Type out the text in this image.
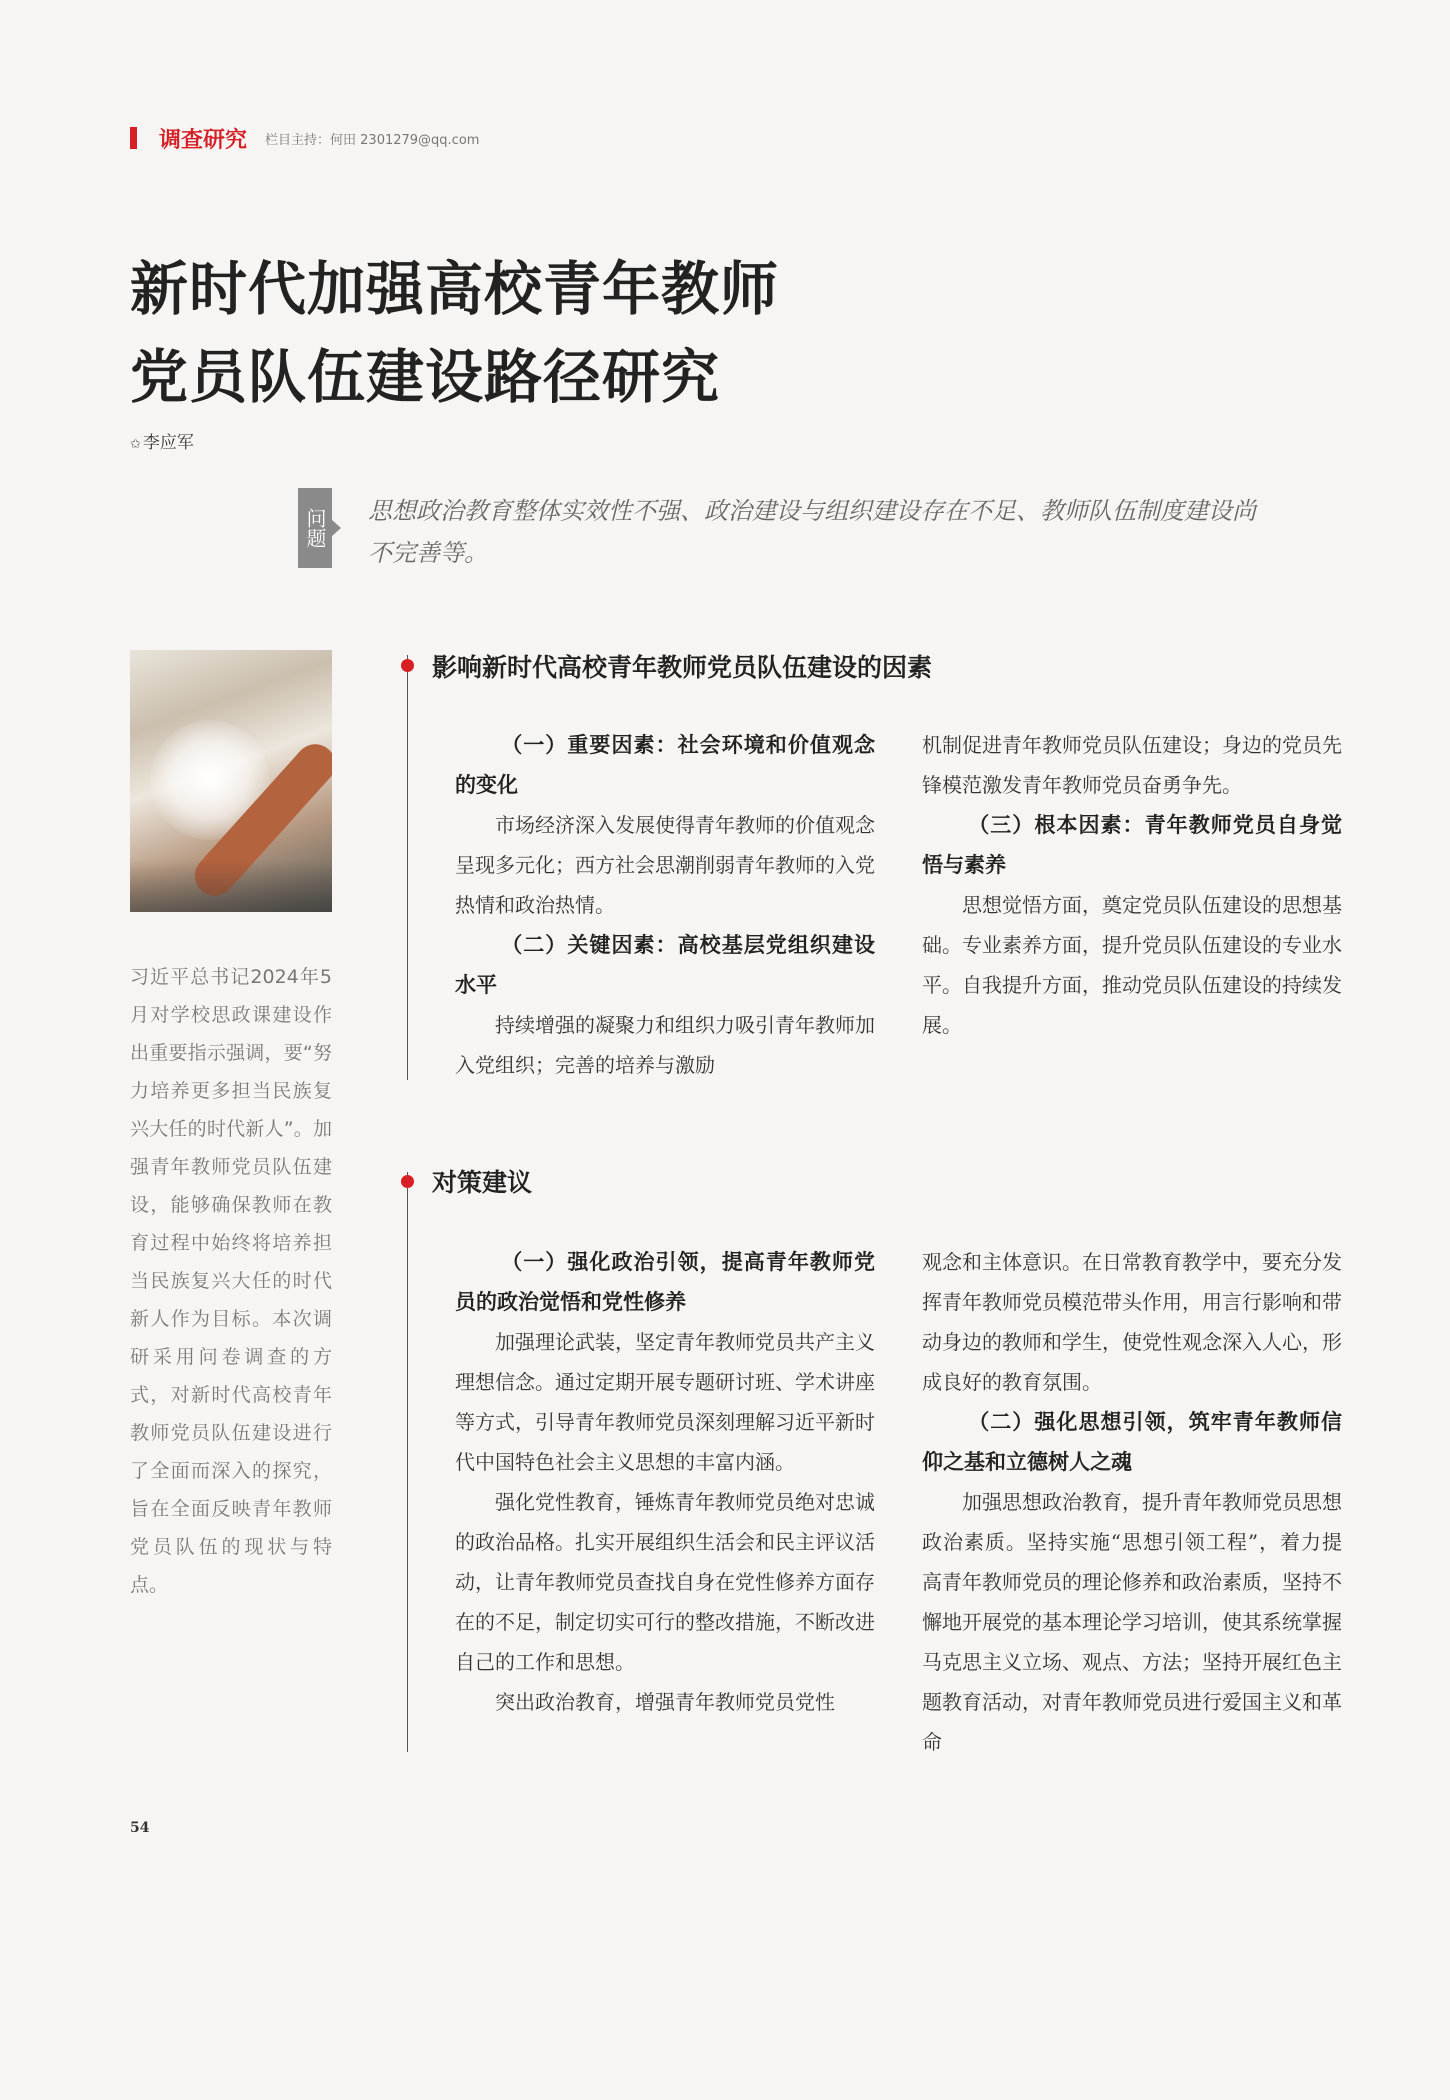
调查研究 栏目主持：何田 2301279@qq.com
新时代加强高校青年教师
党员队伍建设路径研究
✩ 李应军
问题 思想政治教育整体实效性不强、政治建设与组织建设存在不足、教师队伍制度建设尚不完善等。
习近平总书记2024年5月对学校思政课建设作出重要指示强调，要“努力培养更多担当民族复兴大任的时代新人”。加强青年教师党员队伍建设，能够确保教师在教育过程中始终将培养担当民族复兴大任的时代新人作为目标。本次调研采用问卷调查的方式，对新时代高校青年教师党员队伍建设进行了全面而深入的探究，旨在全面反映青年教师党员队伍的现状与特点。
影响新时代高校青年教师党员队伍建设的因素

（一）重要因素：社会环境和价值观念的变化

市场经济深入发展使得青年教师的价值观念呈现多元化；西方社会思潮削弱青年教师的入党热情和政治热情。

（二）关键因素：高校基层党组织建设水平

持续增强的凝聚力和组织力吸引青年教师加入党组织；完善的培养与激励

机制促进青年教师党员队伍建设；身边的党员先锋模范激发青年教师党员奋勇争先。

（三）根本因素：青年教师党员自身觉悟与素养

思想觉悟方面，奠定党员队伍建设的思想基础。专业素养方面，提升党员队伍建设的专业水平。自我提升方面，推动党员队伍建设的持续发展。

对策建议

（一）强化政治引领，提高青年教师党员的政治觉悟和党性修养

加强理论武装，坚定青年教师党员共产主义理想信念。通过定期开展专题研讨班、学术讲座等方式，引导青年教师党员深刻理解习近平新时代中国特色社会主义思想的丰富内涵。

强化党性教育，锤炼青年教师党员绝对忠诚的政治品格。扎实开展组织生活会和民主评议活动，让青年教师党员查找自身在党性修养方面存在的不足，制定切实可行的整改措施，不断改进自己的工作和思想。

突出政治教育，增强青年教师党员党性

观念和主体意识。在日常教育教学中，要充分发挥青年教师党员模范带头作用，用言行影响和带动身边的教师和学生，使党性观念深入人心，形成良好的教育氛围。

（二）强化思想引领，筑牢青年教师信仰之基和立德树人之魂

加强思想政治教育，提升青年教师党员思想政治素质。坚持实施“思想引领工程”，着力提高青年教师党员的理论修养和政治素质，坚持不懈地开展党的基本理论学习培训，使其系统掌握马克思主义立场、观点、方法；坚持开展红色主题教育活动，对青年教师党员进行爱国主义和革命

54
